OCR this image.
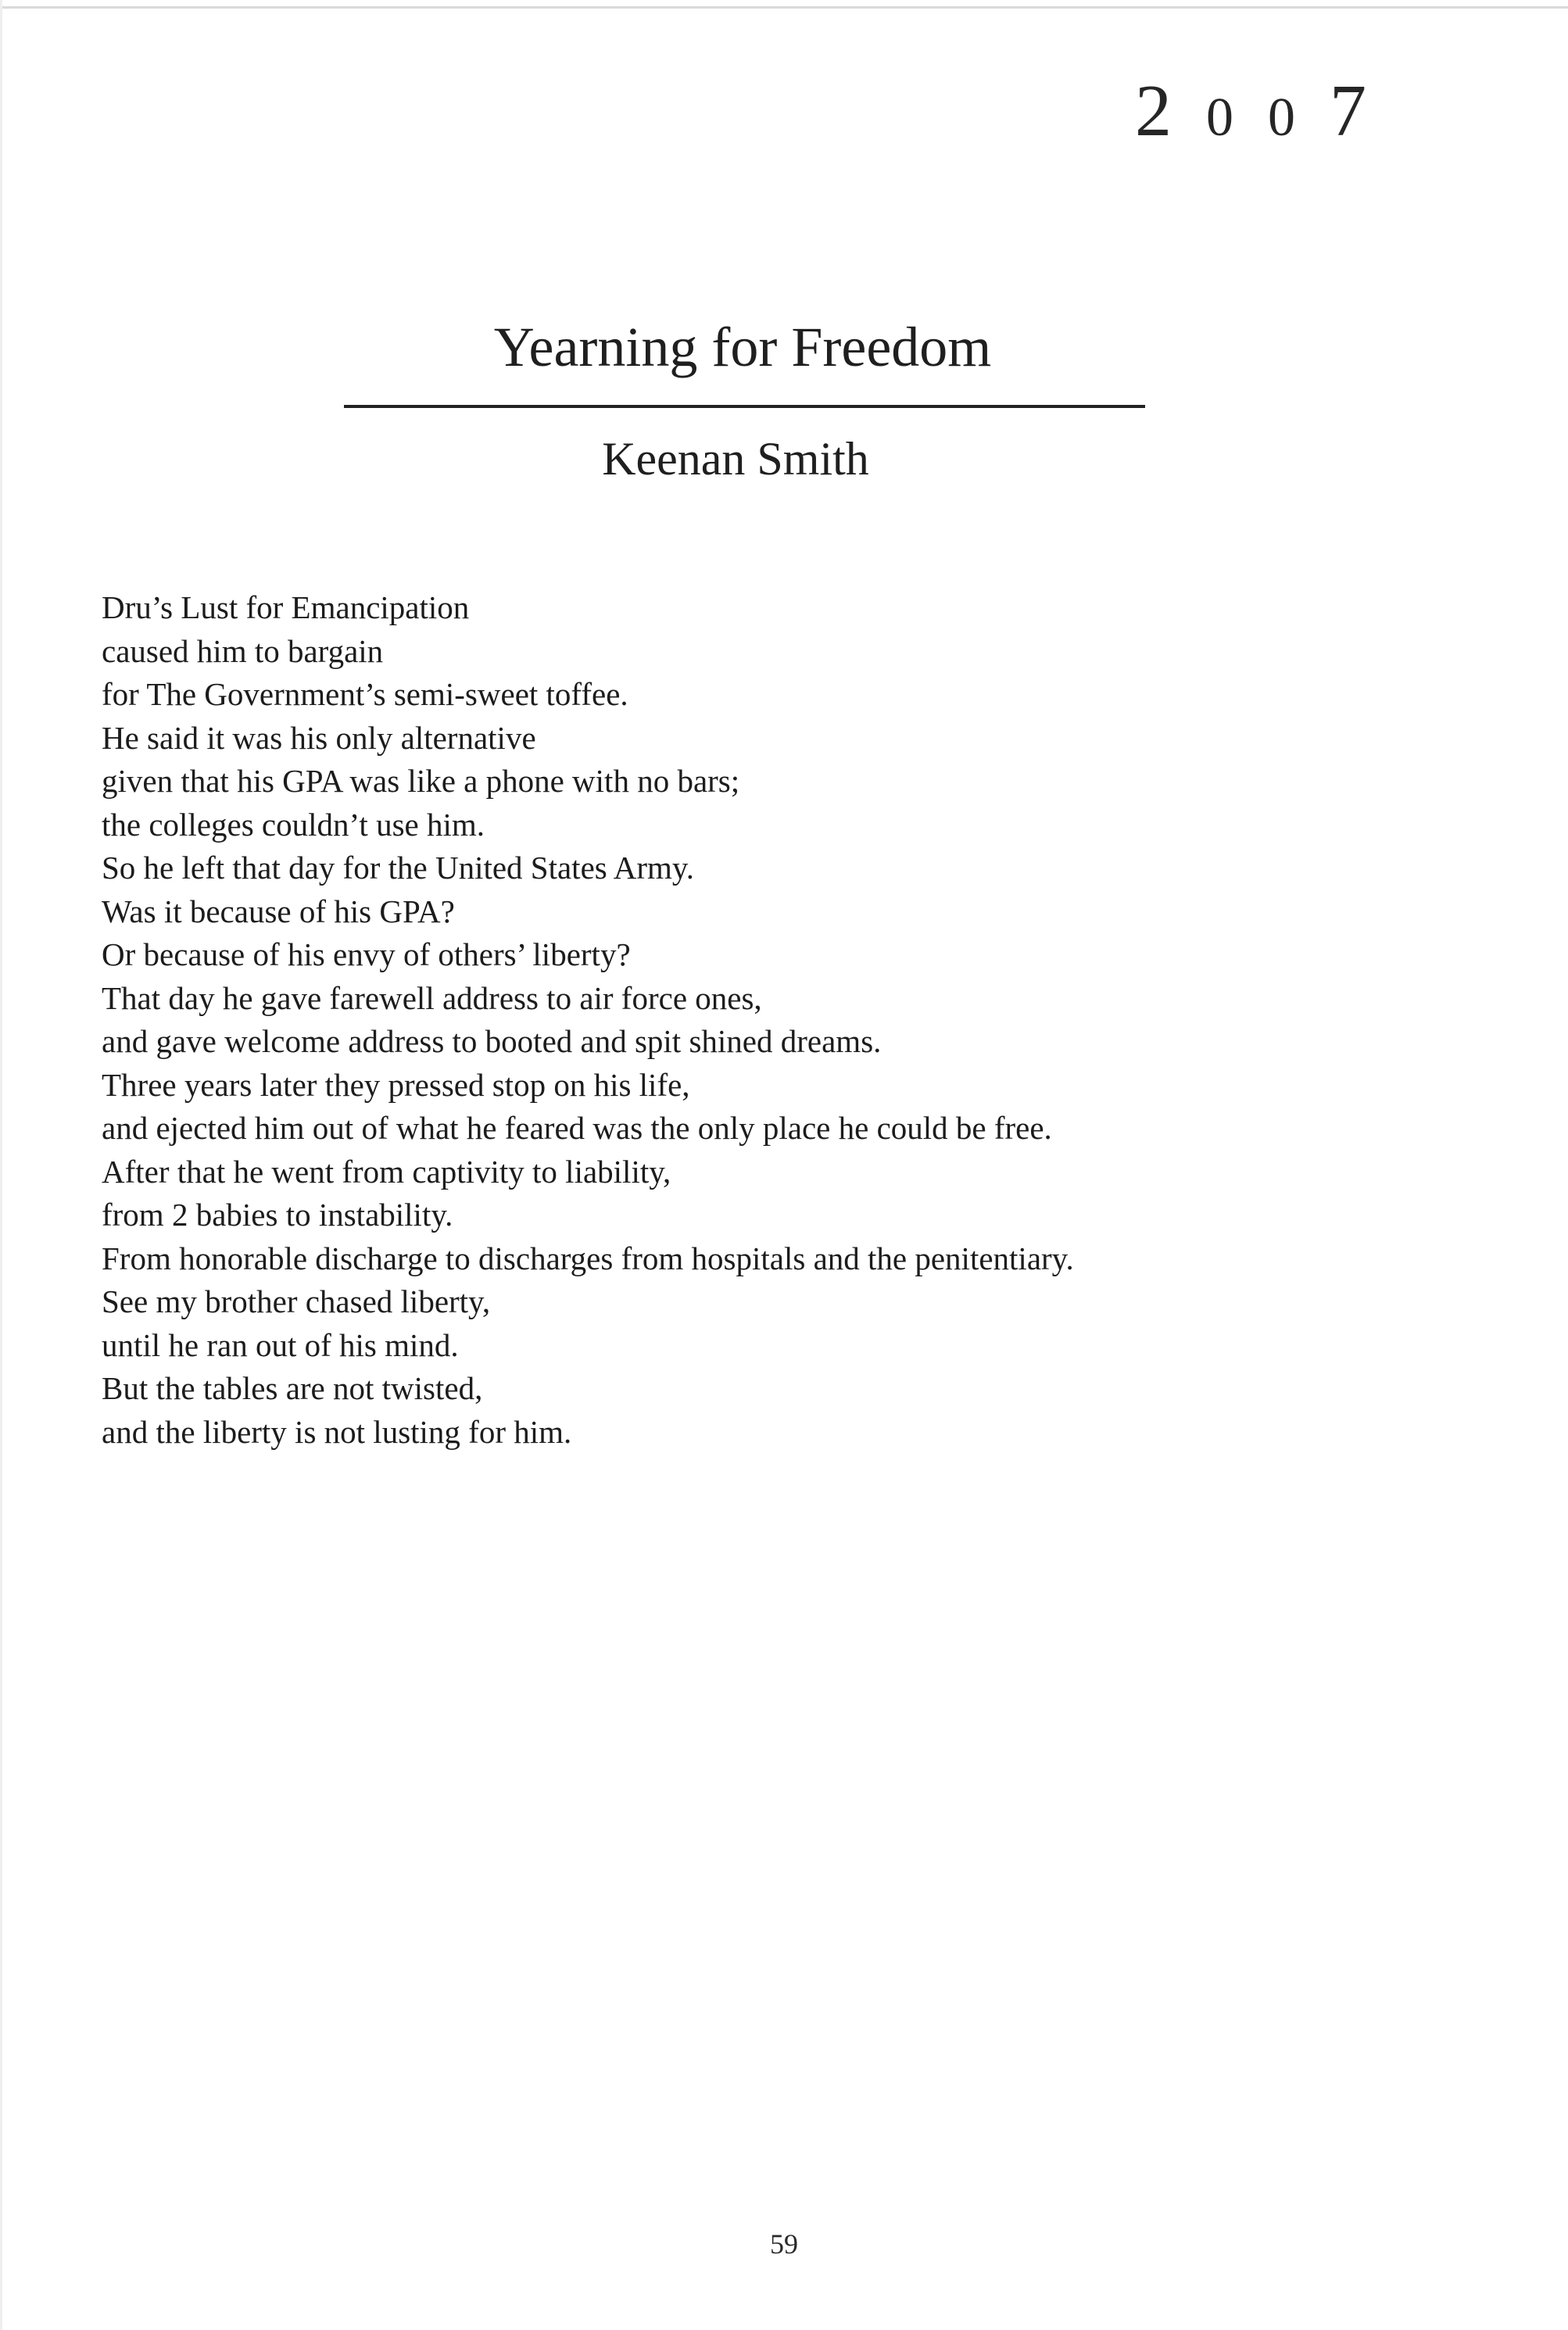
2 0 0 7
Yearning for Freedom
Keenan Smith
Dru’s Lust for Emancipation
caused him to bargain
for The Government’s semi-sweet toffee.
He said it was his only alternative
given that his GPA was like a phone with no bars;
the colleges couldn’t use him.
So he left that day for the United States Army.
Was it because of his GPA?
Or because of his envy of others’ liberty?
That day he gave farewell address to air force ones,
and gave welcome address to booted and spit shined dreams.
Three years later they pressed stop on his life,
and ejected him out of what he feared was the only place he could be free.
After that he went from captivity to liability,
from 2 babies to instability.
From honorable discharge to discharges from hospitals and the penitentiary.
See my brother chased liberty,
until he ran out of his mind.
But the tables are not twisted,
and the liberty is not lusting for him.
59
